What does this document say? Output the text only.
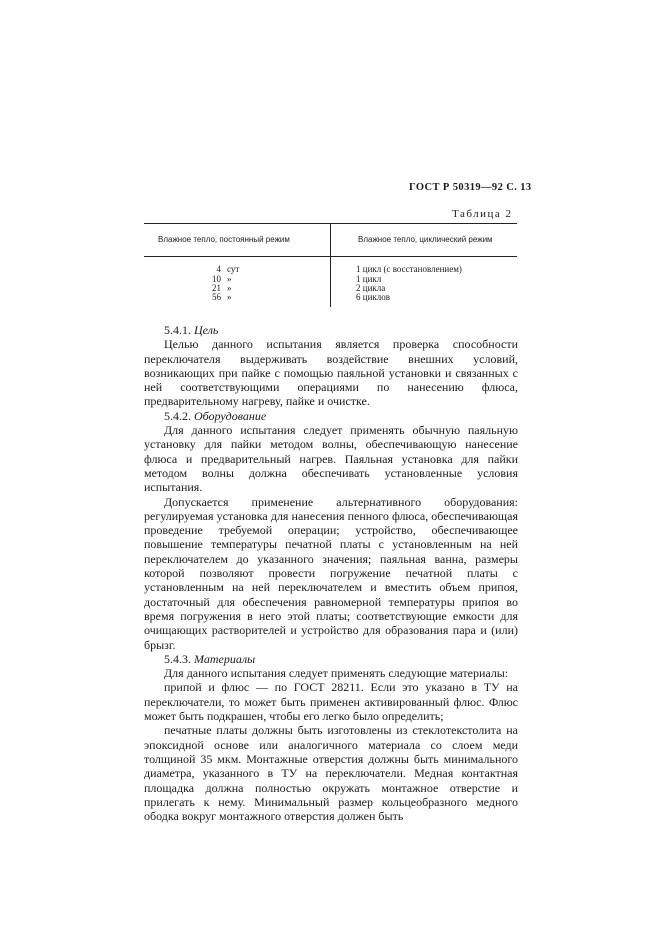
ГОСТ Р 50319—92 С. 13
Таблица 2
Влажное тепло, постоянный режим	Влажное тепло, циклический режим
4 сут
10 »
21 »
56 »
1 цикл (с восстановлением)
1 цикл
2 цикла
6 циклов

5.4.1. Цель

Целью данного испытания является проверка способности переключателя выдерживать воздействие внешних условий, возникающих при пайке с помощью паяльной установки и связанных с ней соответствующими операциями по нанесению флюса, предварительному нагреву, пайке и очистке.

5.4.2. Оборудование

Для данного испытания следует применять обычную паяльную установку для пайки методом волны, обеспечивающую нанесение флюса и предварительный нагрев. Паяльная установка для пайки методом волны должна обеспечивать установленные условия испытания.

Допускается применение альтернативного оборудования: регулируемая установка для нанесения пенного флюса, обеспечивающая проведение требуемой операции; устройство, обеспечивающее повышение температуры печатной платы с установленным на ней переключателем до указанного значения; паяльная ванна, размеры которой позволяют провести погружение печатной платы с установленным на ней переключателем и вместить объем припоя, достаточный для обеспечения равномерной температуры припоя во время погружения в него этой платы; соответствующие емкости для очищающих растворителей и устройство для образования пара и (или) брызг.

5.4.3. Материалы

Для данного испытания следует применять следующие материалы:

припой и флюс — по ГОСТ 28211. Если это указано в ТУ на переключатели, то может быть применен активированный флюс. Флюс может быть подкрашен, чтобы его легко было определить;

печатные платы должны быть изготовлены из стеклотекстолита на эпоксидной основе или аналогичного материала со слоем меди толщиной 35 мкм. Монтажные отверстия должны быть минимального диаметра, указанного в ТУ на переключатели. Медная контактная площадка должна полностью окружать монтажное отверстие и прилегать к нему. Минимальный размер кольцеобразного медного ободка вокруг монтажного отверстия должен быть
